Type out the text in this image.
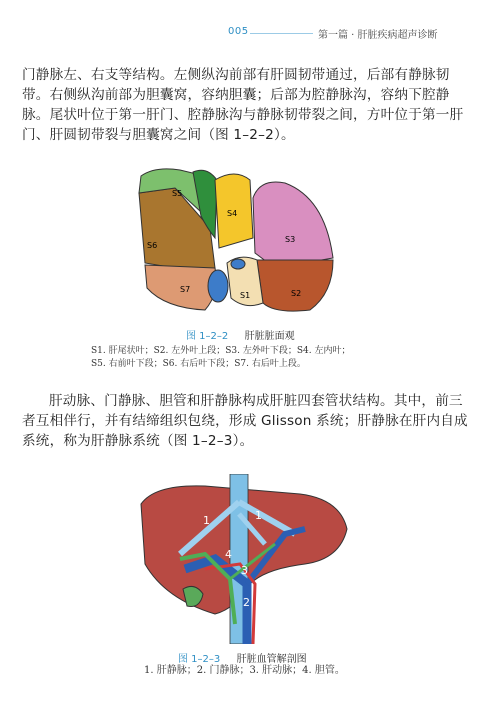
005	第一篇 · 肝脏疾病超声诊断
门静脉左、右支等结构。左侧纵沟前部有肝圆韧带通过，后部有静脉韧
带。右侧纵沟前部为胆囊窝，容纳胆囊；后部为腔静脉沟，容纳下腔静
脉。尾状叶位于第一肝门、腔静脉沟与静脉韧带裂之间，方叶位于第一肝
门、肝圆韧带裂与胆囊窝之间（图 1–2–2）。
S5
S4
S3
S6
S7
S1	S2
图 1–2–2 肝脏脏面观
S1. 肝尾状叶；S2. 左外叶上段；S3. 左外叶下段；S4. 左内叶；
S5. 右前叶下段；S6. 右后叶下段；S7. 右后叶上段。
肝动脉、门静脉、胆管和肝静脉构成肝脏四套管状结构。其中，前三
者互相伴行，并有结缔组织包绕，形成 Glisson 系统；肝静脉在肝内自成
系统，称为肝静脉系统（图 1–2–3）。
1	1
4
3
2
图 1–2–3 肝脏血管解剖图
1. 肝静脉；2. 门静脉；3. 肝动脉；4. 胆管。
